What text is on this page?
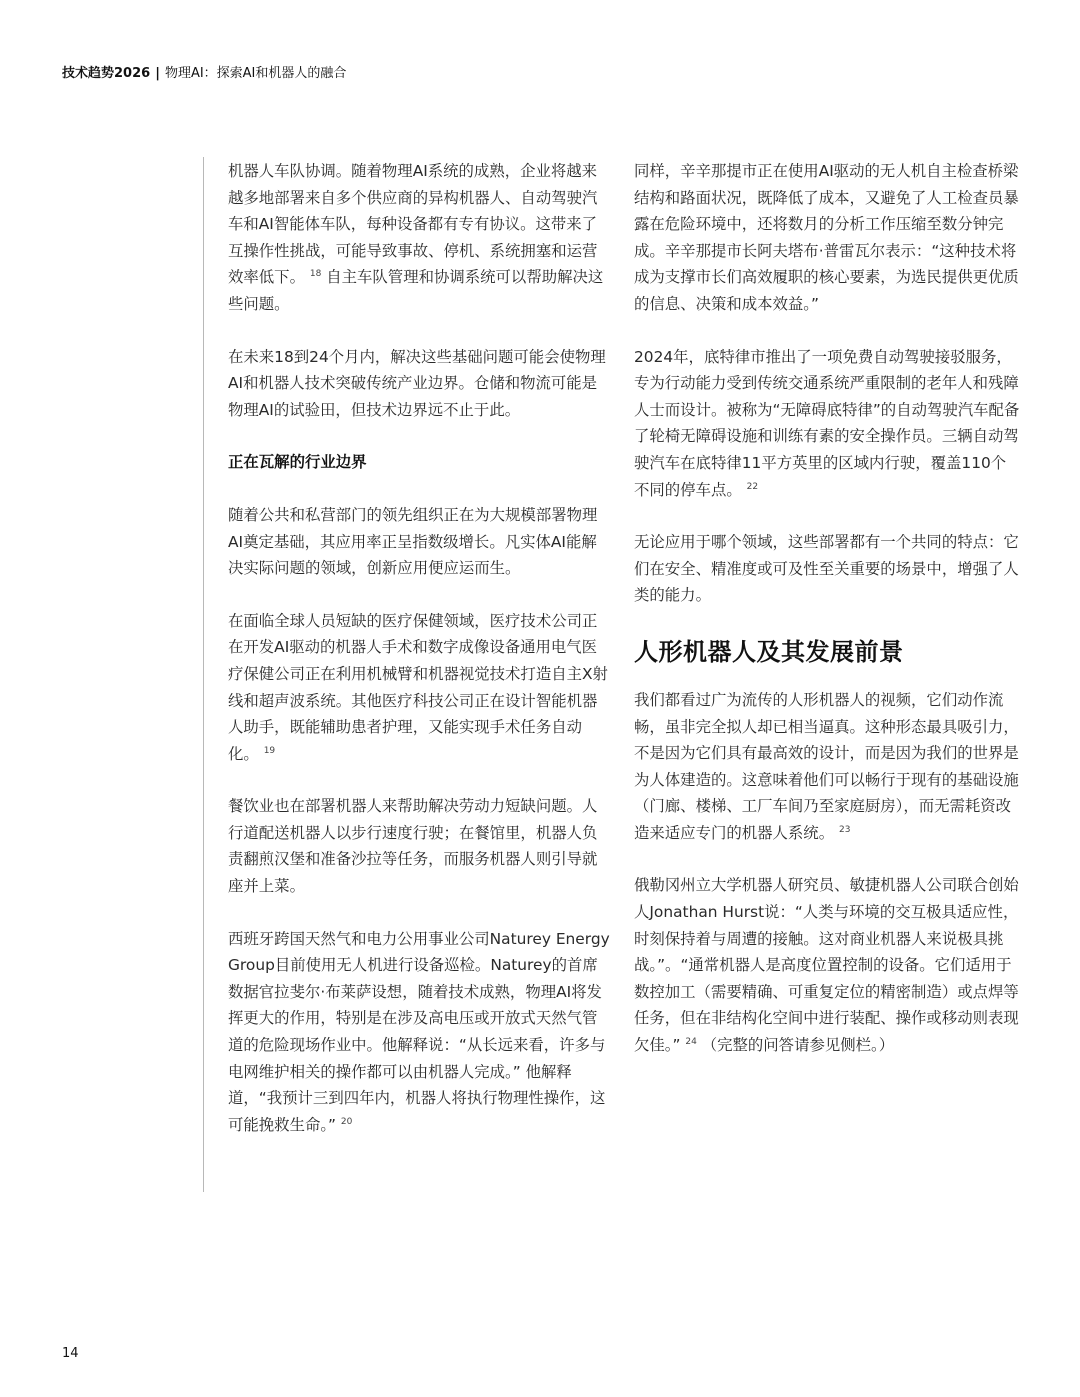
技术趋势2026 | 物理AI：探索AI和机器人的融合

机器人车队协调。随着物理AI系统的成熟，企业将越来越多地部署来自多个供应商的异构机器人、自动驾驶汽车和AI智能体车队，每种设备都有专有协议。这带来了互操作性挑战，可能导致事故、停机、系统拥塞和运营效率低下。 $^{18}$ 自主车队管理和协调系统可以帮助解决这些问题。

在未来18到24个月内，解决这些基础问题可能会使物理AI和机器人技术突破传统产业边界。仓储和物流可能是物理AI的试验田，但技术边界远不止于此。

正在瓦解的行业边界

随着公共和私营部门的领先组织正在为大规模部署物理AI奠定基础，其应用率正呈指数级增长。凡实体AI能解决实际问题的领域，创新应用便应运而生。

在面临全球人员短缺的医疗保健领域，医疗技术公司正在开发AI驱动的机器人手术和数字成像设备通用电气医疗保健公司正在利用机械臂和机器视觉技术打造自主X射线和超声波系统。其他医疗科技公司正在设计智能机器人助手，既能辅助患者护理，又能实现手术任务自动化。 $^{19}$

餐饮业也在部署机器人来帮助解决劳动力短缺问题。人行道配送机器人以步行速度行驶；在餐馆里，机器人负责翻煎汉堡和准备沙拉等任务，而服务机器人则引导就座并上菜。

西班牙跨国天然气和电力公用事业公司Naturey Energy Group目前使用无人机进行设备巡检。Naturey的首席数据官拉斐尔·布莱萨设想，随着技术成熟，物理AI将发挥更大的作用，特别是在涉及高电压或开放式天然气管道的危险现场作业中。他解释说：“从长远来看，许多与电网维护相关的操作都可以由机器人完成。” 他解释道，“我预计三到四年内，机器人将执行物理性操作，这可能挽救生命。” $^{20}$

同样，辛辛那提市正在使用AI驱动的无人机自主检查桥梁结构和路面状况，既降低了成本，又避免了人工检查员暴露在危险环境中，还将数月的分析工作压缩至数分钟完成。辛辛那提市长阿夫塔布·普雷瓦尔表示：“这种技术将成为支撑市长们高效履职的核心要素，为选民提供更优质的信息、决策和成本效益。”

2024年，底特律市推出了一项免费自动驾驶接驳服务，专为行动能力受到传统交通系统严重限制的老年人和残障人士而设计。被称为“无障碍底特律”的自动驾驶汽车配备了轮椅无障碍设施和训练有素的安全操作员。三辆自动驾驶汽车在底特律11平方英里的区域内行驶，覆盖110个不同的停车点。 $^{22}$

无论应用于哪个领域，这些部署都有一个共同的特点：它们在安全、精准度或可及性至关重要的场景中，增强了人类的能力。

人形机器人及其发展前景

我们都看过广为流传的人形机器人的视频，它们动作流畅，虽非完全拟人却已相当逼真。这种形态最具吸引力，不是因为它们具有最高效的设计，而是因为我们的世界是为人体建造的。这意味着他们可以畅行于现有的基础设施（门廊、楼梯、工厂车间乃至家庭厨房），而无需耗资改造来适应专门的机器人系统。 $^{23}$

俄勒冈州立大学机器人研究员、敏捷机器人公司联合创始人Jonathan Hurst说：“人类与环境的交互极具适应性，时刻保持着与周遭的接触。这对商业机器人来说极具挑战。”。“通常机器人是高度位置控制的设备。它们适用于数控加工（需要精确、可重复定位的精密制造）或点焊等任务，但在非结构化空间中进行装配、操作或移动则表现欠佳。” $^{24}$ （完整的问答请参见侧栏。）

14
